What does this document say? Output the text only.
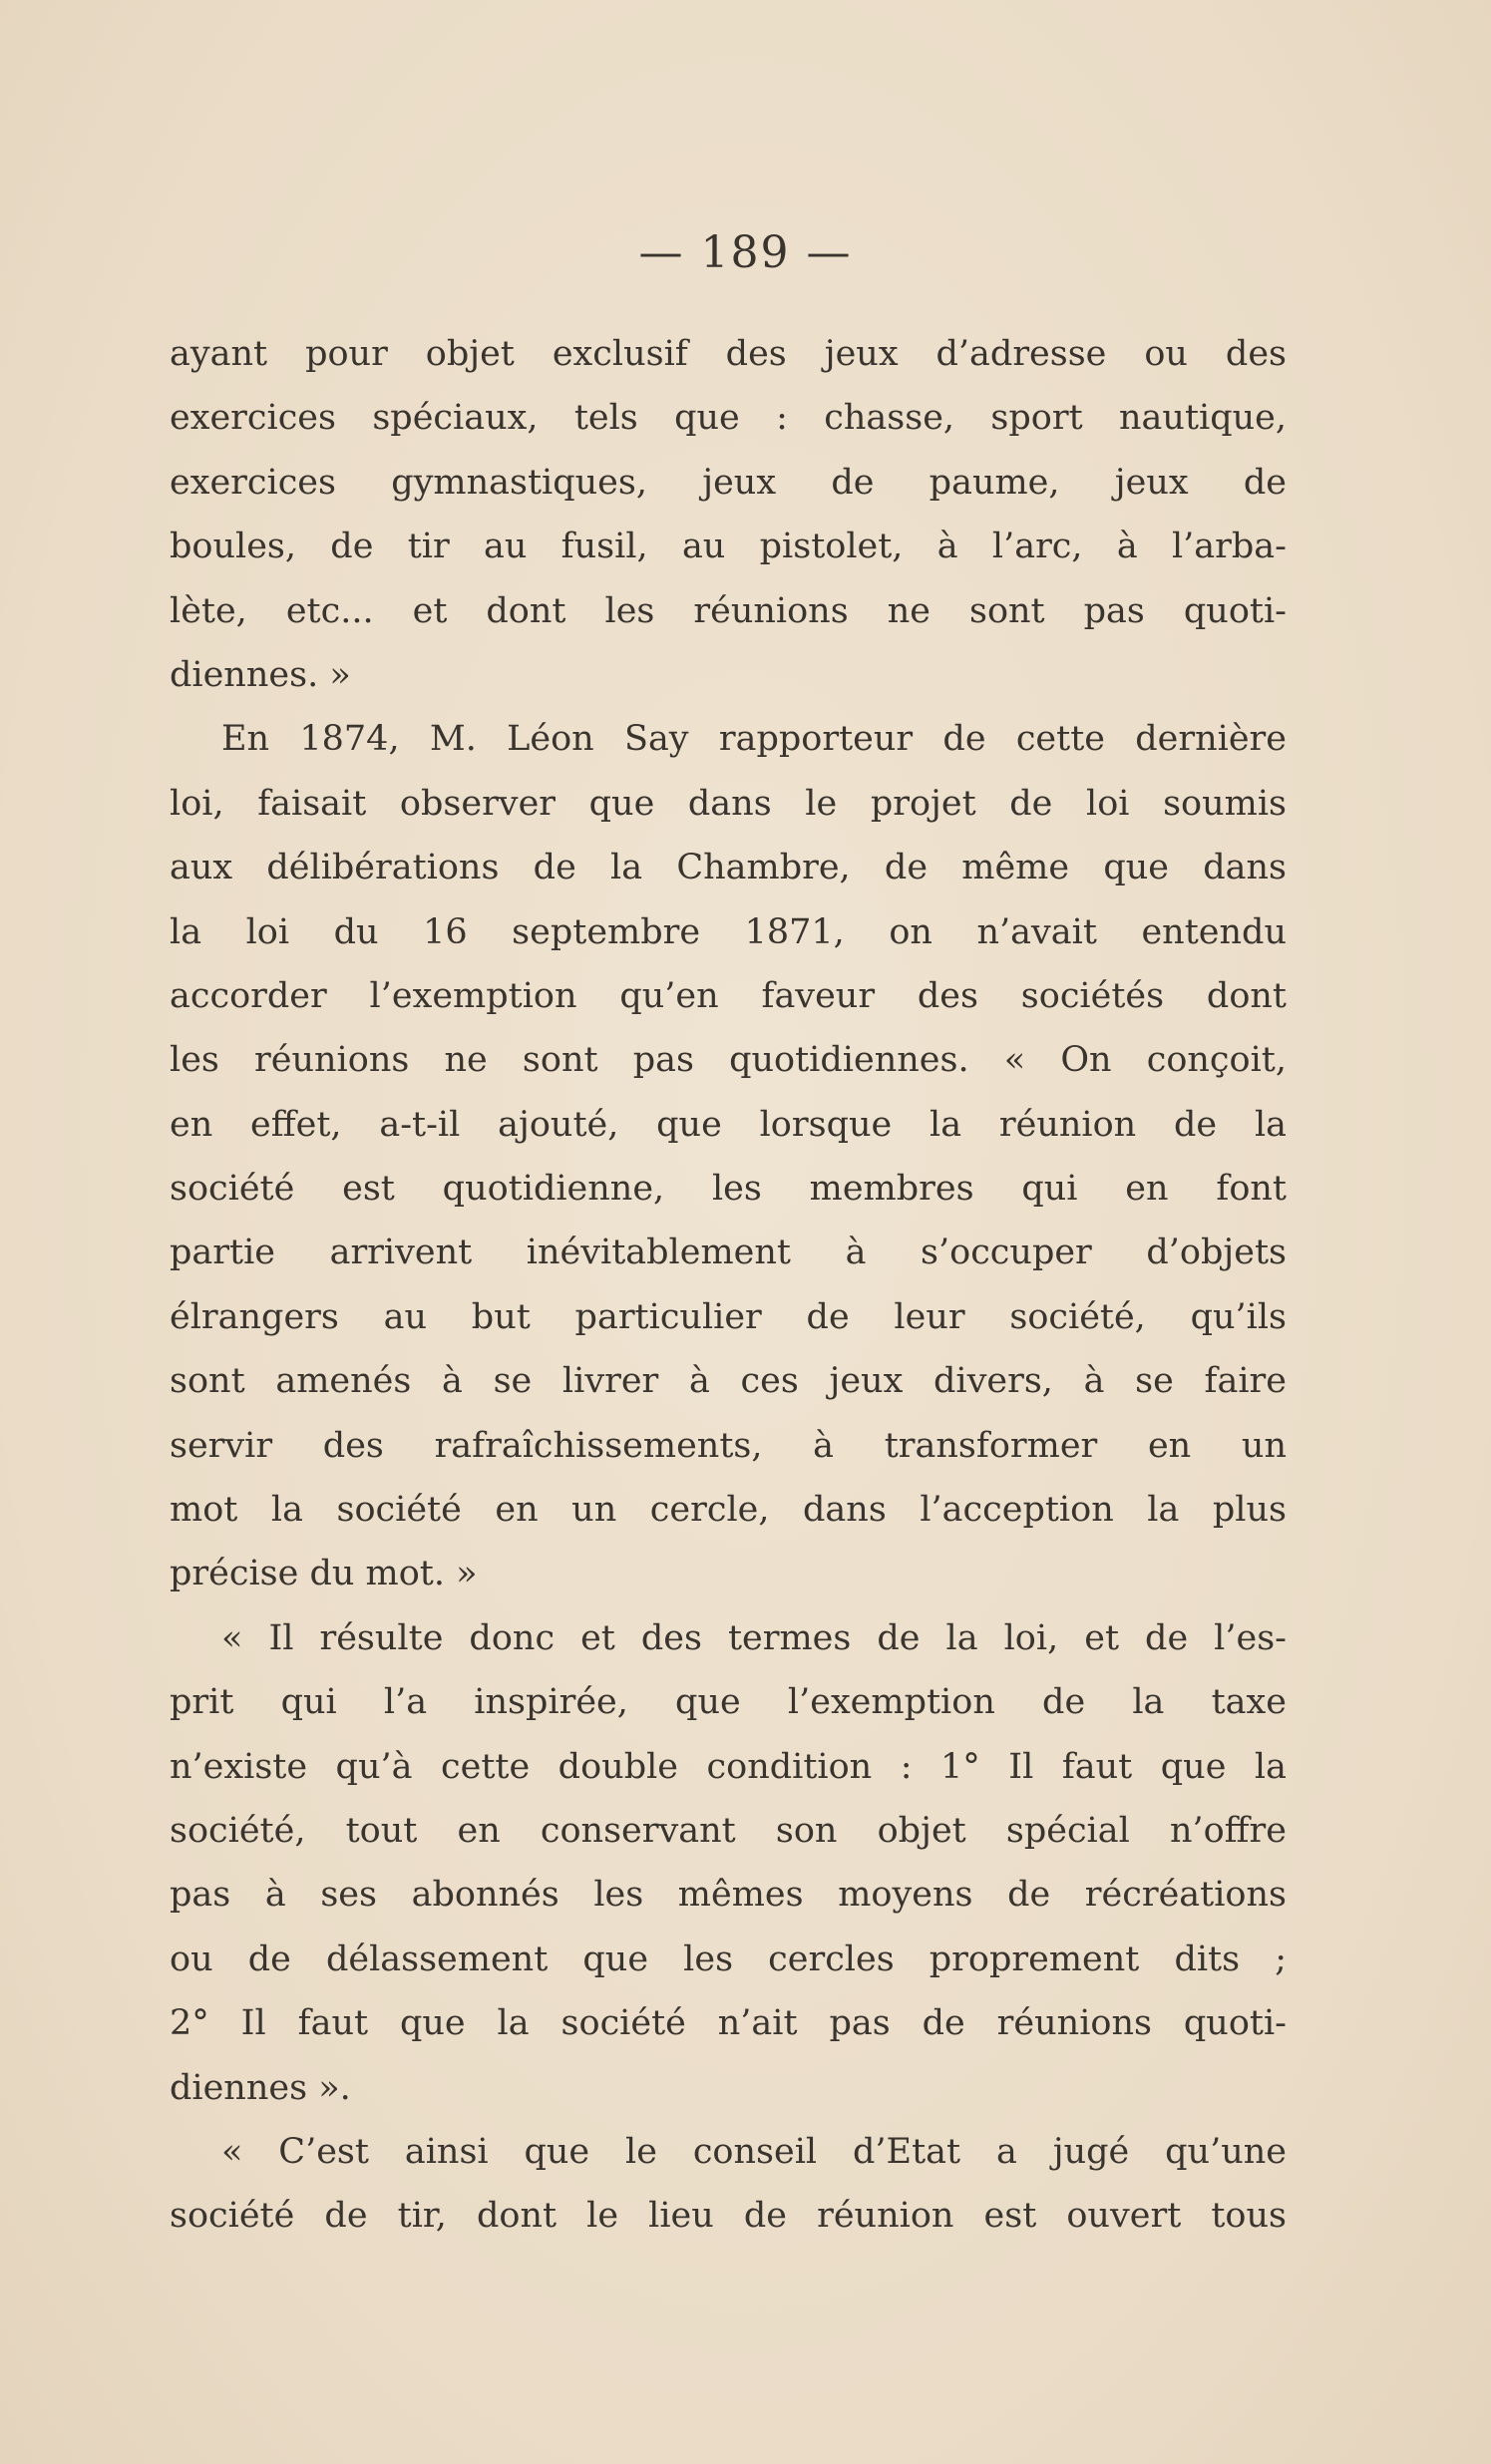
— 189 —
ayant pour objet exclusif des jeux d’adresse ou des
exercices spéciaux, tels que : chasse, sport nautique,
exercices gymnastiques, jeux de paume, jeux de
boules, de tir au fusil, au pistolet, à l’arc, à l’arba-
lète, etc... et dont les réunions ne sont pas quoti-
diennes. »
En 1874, M. Léon Say rapporteur de cette dernière
loi, faisait observer que dans le projet de loi soumis
aux délibérations de la Chambre, de même que dans
la loi du 16 septembre 1871, on n’avait entendu
accorder l’exemption qu’en faveur des sociétés dont
les réunions ne sont pas quotidiennes. « On conçoit,
en effet, a-t-il ajouté, que lorsque la réunion de la
société est quotidienne, les membres qui en font
partie arrivent inévitablement à s’occuper d’objets
élrangers au but particulier de leur société, qu’ils
sont amenés à se livrer à ces jeux divers, à se faire
servir des rafraîchissements, à transformer en un
mot la société en un cercle, dans l’acception la plus
précise du mot. »
« Il résulte donc et des termes de la loi, et de l’es-
prit qui l’a inspirée, que l’exemption de la taxe
n’existe qu’à cette double condition : 1° Il faut que la
société, tout en conservant son objet spécial n’offre
pas à ses abonnés les mêmes moyens de récréations
ou de délassement que les cercles proprement dits ;
2° Il faut que la société n’ait pas de réunions quoti-
diennes ».
« C’est ainsi que le conseil d’Etat a jugé qu’une
société de tir, dont le lieu de réunion est ouvert tous
